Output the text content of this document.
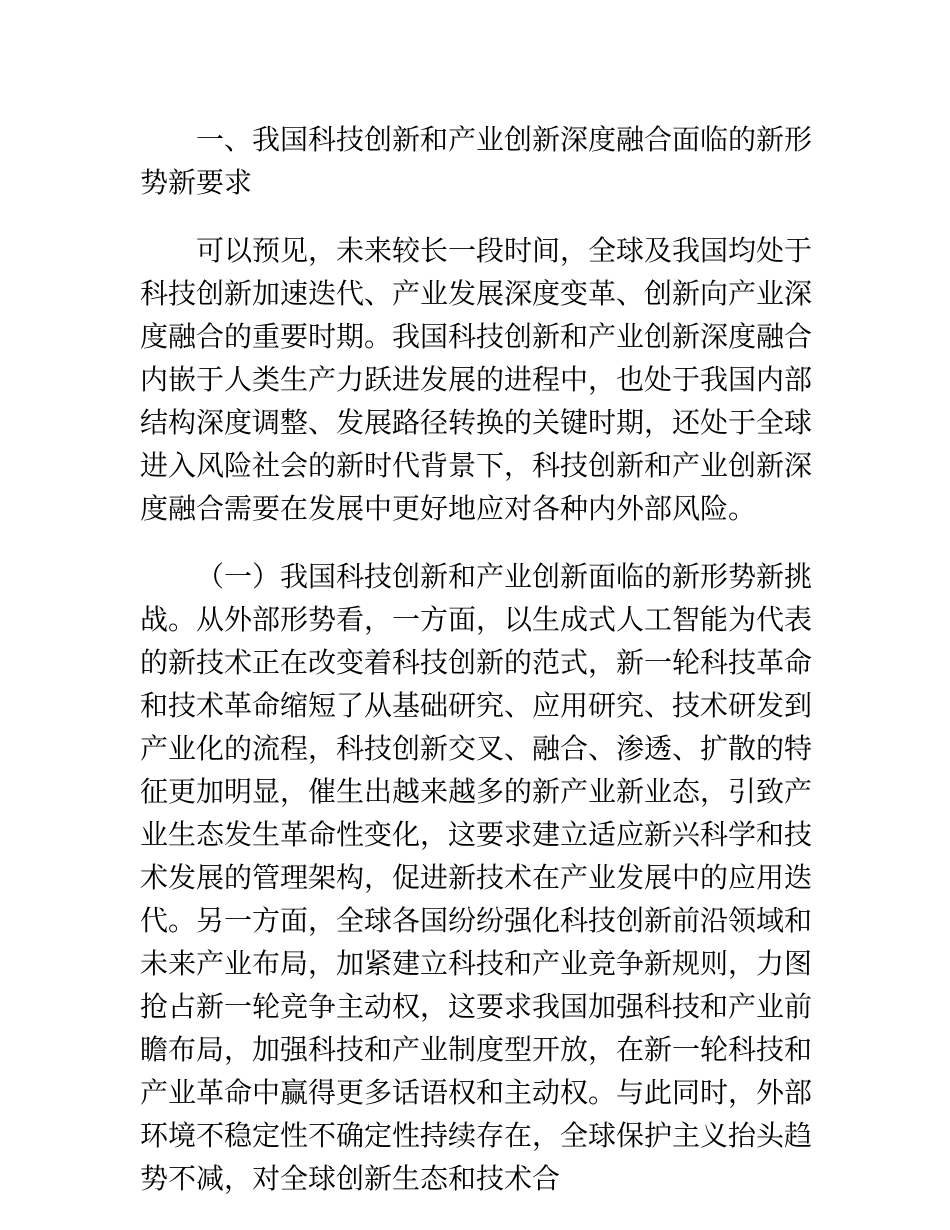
一、我国科技创新和产业创新深度融合面临的新形势新要求

可以预见，未来较长一段时间，全球及我国均处于科技创新加速迭代、产业发展深度变革、创新向产业深度融合的重要时期。我国科技创新和产业创新深度融合内嵌于人类生产力跃进发展的进程中，也处于我国内部结构深度调整、发展路径转换的关键时期，还处于全球进入风险社会的新时代背景下，科技创新和产业创新深度融合需要在发展中更好地应对各种内外部风险。

（一）我国科技创新和产业创新面临的新形势新挑战。从外部形势看，一方面，以生成式人工智能为代表的新技术正在改变着科技创新的范式，新一轮科技革命和技术革命缩短了从基础研究、应用研究、技术研发到产业化的流程，科技创新交叉、融合、渗透、扩散的特征更加明显，催生出越来越多的新产业新业态，引致产业生态发生革命性变化，这要求建立适应新兴科学和技术发展的管理架构，促进新技术在产业发展中的应用迭代。另一方面，全球各国纷纷强化科技创新前沿领域和未来产业布局，加紧建立科技和产业竞争新规则，力图抢占新一轮竞争主动权，这要求我国加强科技和产业前瞻布局，加强科技和产业制度型开放，在新一轮科技和产业革命中赢得更多话语权和主动权。与此同时，外部环境不稳定性不确定性持续存在，全球保护主义抬头趋势不减，对全球创新生态和技术合
